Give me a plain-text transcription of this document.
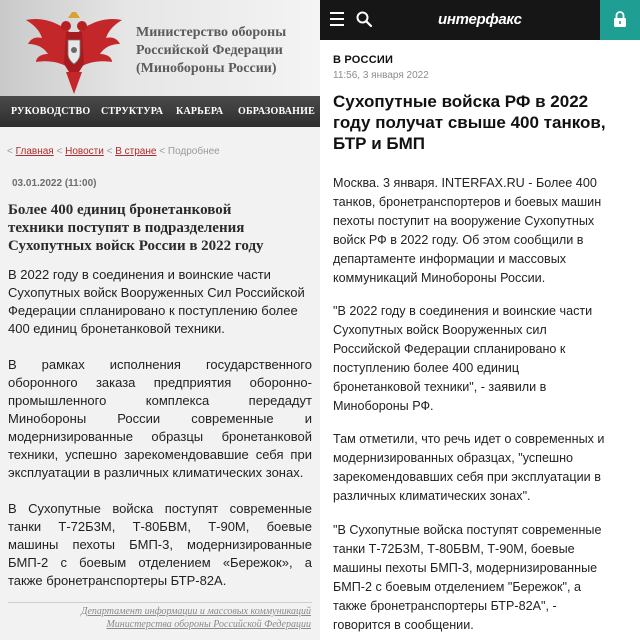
Министерство обороны
Российской Федерации
(Минобороны России)
РУКОВОДСТВО СТРУКТУРА КАРЬЕРА ОБРАЗОВАНИЕ
< Главная < Новости < В стране < Подробнее
03.01.2022 (11:00)
Более 400 единиц бронетанковой
техники поступят в подразделения
Сухопутных войск России в 2022 году
В 2022 году в соединения и воинские части
Сухопутных войск Вооруженных Сил Российской
Федерации спланировано к поступлению более
400 единиц бронетанковой техники.
В рамках исполнения государственного
оборонного заказа предприятия оборонно-
промышленного	комплекса	передадут
Минобороны России современные и
модернизированные образцы бронетанковой
техники, успешно зарекомендовавшие себя при
эксплуатации в различных климатических зонах.
В Сухопутные войска поступят современные
танки Т-72Б3М, Т-80БВМ, Т-90М, боевые
машины пехоты БМП-3, модернизированные
БМП-2 с боевым отделением «Бережок», а
также бронетранспортеры БТР-82А.
Департамент информации и массовых коммуникаций
Министерства обороны Российской Федерации
интерфакс
В РОССИИ
11:56, 3 января 2022
Сухопутные войска РФ в 2022
году получат свыше 400 танков,
БТР и БМП
Москва. 3 января. INTERFAX.RU - Более 400
танков, бронетранспортеров и боевых машин
пехоты поступит на вооружение Сухопутных
войск РФ в 2022 году. Об этом сообщили в
департаменте информации и массовых
коммуникаций Минобороны России.
"В 2022 году в соединения и воинские части
Сухопутных войск Вооруженных сил
Российской Федерации спланировано к
поступлению более 400 единиц
бронетанковой техники", - заявили в
Минобороны РФ.
Там отметили, что речь идет о современных и
модернизированных образцах, "успешно
зарекомендовавших себя при эксплуатации в
различных климатических зонах".
"В Сухопутные войска поступят современные
танки Т-72Б3М, Т-80БВМ, Т-90М, боевые
машины пехоты БМП-3, модернизированные
БМП-2 с боевым отделением "Бережок", а
также бронетранспортеры БТР-82А", -
говорится в сообщении.
